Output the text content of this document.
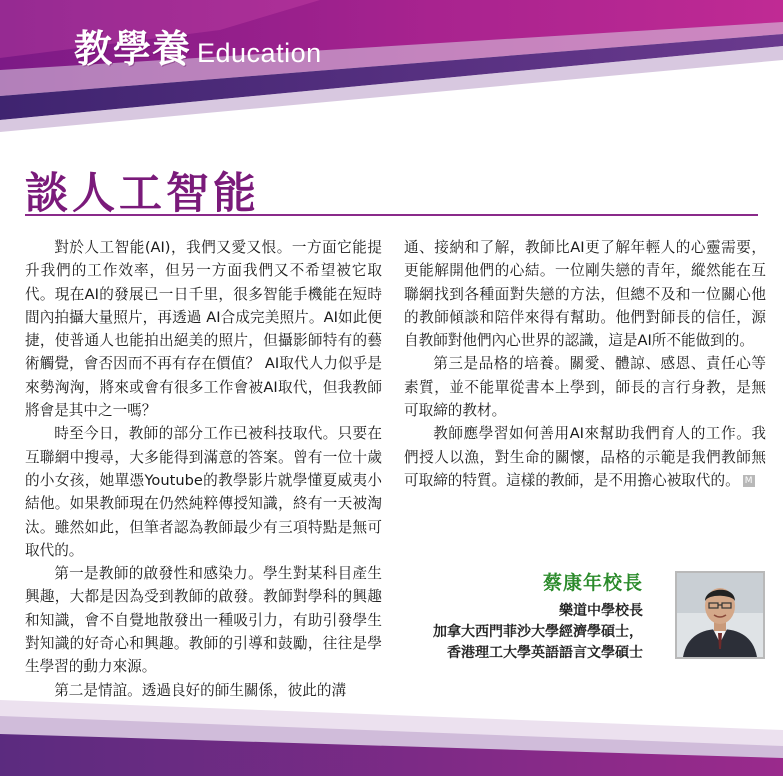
教學養 Education
談人工智能

對於人工智能(AI)，我們又愛又恨。一方面它能提升我們的工作效率，但另一方面我們又不希望被它取代。現在AI的發展已一日千里，很多智能手機能在短時間內拍攝大量照片，再透過 AI合成完美照片。AI如此便捷，使普通人也能拍出絕美的照片，但攝影師特有的藝術觸覺，會否因而不再有存在價值？ AI取代人力似乎是來勢洶洶，將來或會有很多工作會被AI取代，但我教師將會是其中之一嗎？

時至今日，教師的部分工作已被科技取代。只要在互聯網中搜尋，大多能得到滿意的答案。曾有一位十歲的小女孩，她單憑Youtube的教學影片就學懂夏威夷小結他。如果教師現在仍然純粹傳授知識，終有一天被淘汰。雖然如此，但筆者認為教師最少有三項特點是無可取代的。

第一是教師的啟發性和感染力。學生對某科目產生興趣，大都是因為受到教師的啟發。教師對學科的興趣和知識，會不自覺地散發出一種吸引力，有助引發學生對知識的好奇心和興趣。教師的引導和鼓勵，往往是學生學習的動力來源。

第二是情誼。透過良好的師生關係，彼此的溝

通、接納和了解，教師比AI更了解年輕人的心靈需要，更能解開他們的心結。一位剛失戀的青年，縱然能在互聯網找到各種面對失戀的方法，但總不及和一位關心他的教師傾談和陪伴來得有幫助。他們對師長的信任，源自教師對他們內心世界的認識，這是AI所不能做到的。

第三是品格的培養。關愛、體諒、感恩、責任心等素質，並不能單從書本上學到，師長的言行身教，是無可取締的教材。

教師應學習如何善用AI來幫助我們育人的工作。我們授人以漁，對生命的關懷，品格的示範是我們教師無可取締的特質。這樣的教師，是不用擔心被取代的。 M

蔡康年校長
樂道中學校長
加拿大西門菲沙大學經濟學碩士，
香港理工大學英語語言文學碩士
